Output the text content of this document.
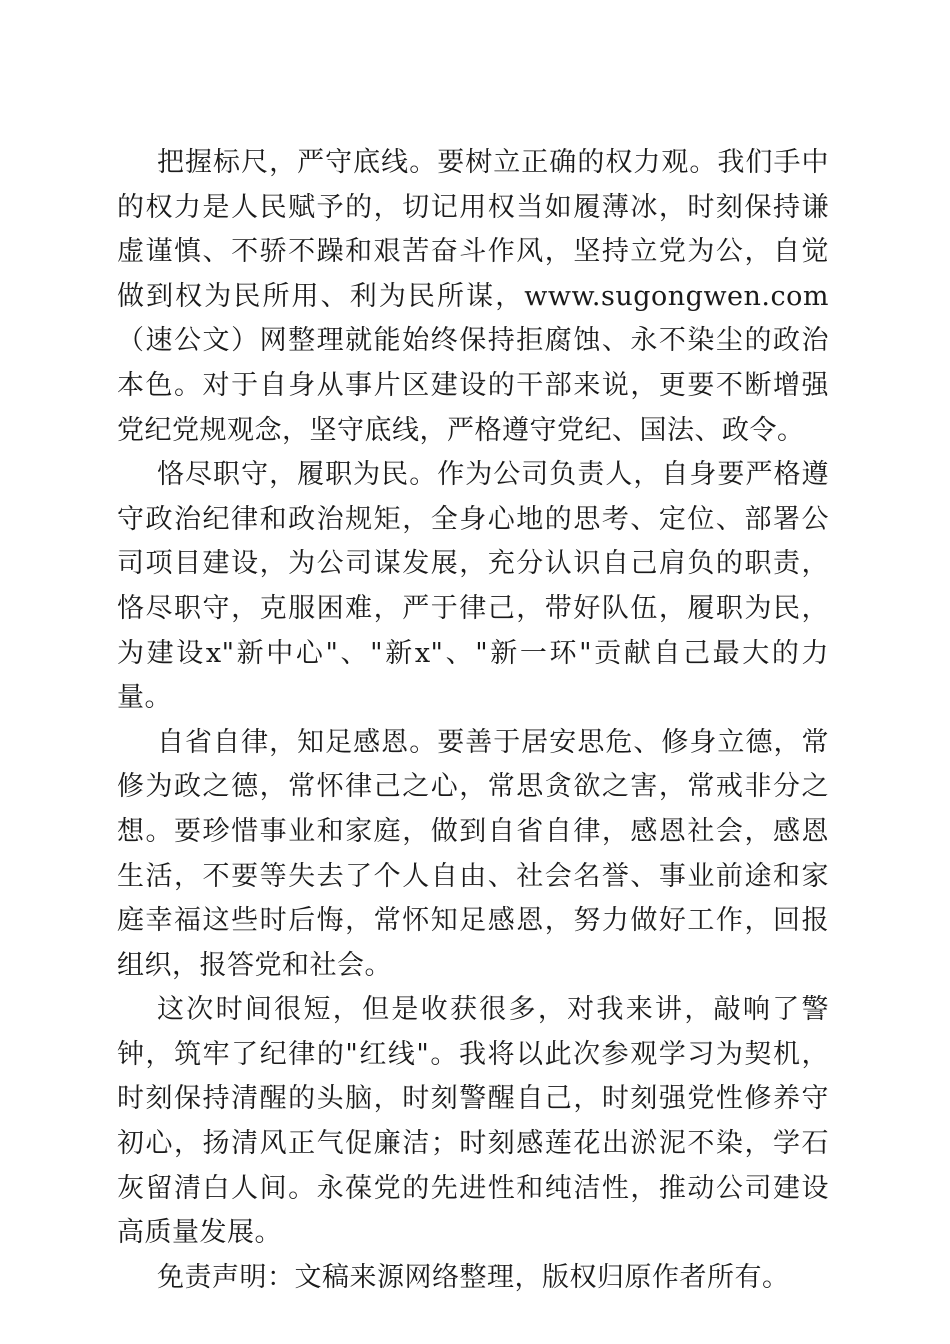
把握标尺，严守底线。要树立正确的权力观。我们手中的权力是人民赋予的，切记用权当如履薄冰，时刻保持谦虚谨慎、不骄不躁和艰苦奋斗作风，坚持立党为公，自觉做到权为民所用、利为民所谋，www.sugongwen.com（速公文）网整理就能始终保持拒腐蚀、永不染尘的政治本色。对于自身从事片区建设的干部来说，更要不断增强党纪党规观念，坚守底线，严格遵守党纪、国法、政令。

恪尽职守，履职为民。作为公司负责人，自身要严格遵守政治纪律和政治规矩，全身心地的思考、定位、部署公司项目建设，为公司谋发展，充分认识自己肩负的职责，恪尽职守，克服困难，严于律己，带好队伍，履职为民，为建设x"新中心"、"新x"、"新一环"贡献自己最大的力量。

自省自律，知足感恩。要善于居安思危、修身立德，常修为政之德，常怀律己之心，常思贪欲之害，常戒非分之想。要珍惜事业和家庭，做到自省自律，感恩社会，感恩生活，不要等失去了个人自由、社会名誉、事业前途和家庭幸福这些时后悔，常怀知足感恩，努力做好工作，回报组织，报答党和社会。

这次时间很短，但是收获很多，对我来讲，敲响了警钟，筑牢了纪律的"红线"。我将以此次参观学习为契机，时刻保持清醒的头脑，时刻警醒自己，时刻强党性修养守初心，扬清风正气促廉洁；时刻感莲花出淤泥不染，学石灰留清白人间。永葆党的先进性和纯洁性，推动公司建设高质量发展。

免责声明：文稿来源网络整理，版权归原作者所有。
